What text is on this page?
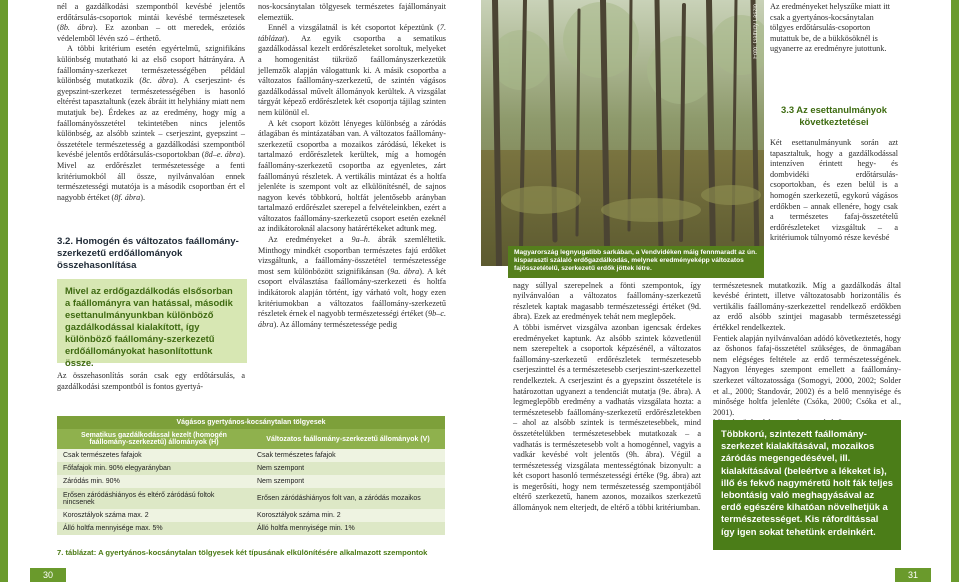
30

nél a gazdálkodási szempontból kevésbé jelentős erdőtársulás-csoportok mintái kevésbé természetesek (8b. ábra). Ez azonban – ott meredek, eróziós védelemből lévén szó – érthető.

A többi kritérium esetén egyértelmű, szignifikáns különbség mutatható ki az első csoport hátrányára. A faállomány-szerkezet természetességében például különbség mutatkozik (8c. ábra). A cserjeszint- és gyepszint-szerkezet természetességében is hasonló eltérést tapasztaltunk (ezek ábráit itt helyhiány miatt nem mutatjuk be). Érdekes az az eredmény, hogy míg a faállományösszetétel tekintetében nincs jelentős különbség, az alsóbb szintek – cserjeszint, gyepszint – összetétele természetesség a gazdálkodási szempontból kevésbé jelentős erdőtársulás-csoportokban (8d–e. ábra). Mivel az erdőrészlet természetessége a fenti kritériumokból áll össze, nyilvánvalóan ennek természetességi mutatója is a második csoportban ért el nagyobb értéket (8f. ábra).

3.2. Homogén és változatos faállomány-szerkezetű erdőállományok összehasonlítása
Mivel az erdőgazdálkodás elsősorban a faállományra van hatással, második esettanulmányunkban különböző gazdálkodással kialakított, így különböző faállomány-szerkezetű erdőállományokat hasonlítottunk össze.

Az összehasonlítás során csak egy erdőtársulás, a gazdálkodási szempontból is fontos gyertyá-

nos-kocsánytalan tölgyesek természetes fajállományait elemeztük.

Ennél a vizsgálatnál is két csoportot képeztünk (7. táblázat). Az egyik csoportba a sematikus gazdálkodással kezelt erdőrészleteket soroltuk, melyeket a homogenitást tükröző faállományszerkezetük jellemzők alapján válogattunk ki. A másik csoportba a változatos faállomány-szerkezetű, de szintén vágásos gazdálkodással művelt állományok kerültek. A vizsgálat tárgyát képező erdőrészletek két csoportja tájilag szinten nem különül el.

A két csoport között lényeges különbség a záródás átlagában és mintázatában van. A változatos faállomány-szerkezetű csoportba a mozaikos záródású, lékeket is tartalmazó erdőrészletek kerültek, míg a homogén faállomány-szerkezetű csoportba az egyenletes, zárt faállományú részletek. A vertikális mintázat és a holtfa jelenléte is szempont volt az elkülönítésnél, de sajnos nagyon kevés többkorú, holtfát jelentősebb arányban tartalmazó erdőrészlet szerepel a felvételeinkben, ezért a változatos faállomány-szerkezetű csoport esetén ezeknél az indikátoroknál alacsony határértékeket adtunk meg.

Az eredményeket a 9a–h. ábrák szemléltetik. Minthogy mindkét csoportban természetes fajú erdőket vizsgáltunk, a faállomány-összetétel természetessége most sem különbözött szignifikánsan (9a. ábra). A két csoport elválasztása faállomány-szerkezeti és holtfa indikátorok alapján történt, így várható volt, hogy ezen kritériumokban a változatos faállomány-szerkezetű részletek érnek el nagyobb természetességi értéket (9b–c. ábra). Az állomány természetessége pedig

Vágásos gyertyános-kocsánytalan tölgyesek	
Sematikus gazdálkodással kezelt (homogén faállomány-szerkezetű) állományok (H)	Változatos faállomány-szerkezetű állományok (V)
Csak természetes fafajok	Csak természetes fafajok
Főfafajok min. 90% elegyarányban	Nem szempont
Záródás min. 90%	Nem szempont
Erősen záródáshiányos és eltérő záródású foltok nincsenek	Erősen záródáshiányos folt van, a záródás mozaikos
Korosztályok száma max. 2	Korosztályok száma min. 2
Álló holtfa mennyisége max. 5%	Álló holtfa mennyisége min. 1%
7. táblázat: A gyertyános-kocsánytalan tölgyesek két típusának elkülönítésére alkalmazott szempontok
31
Fotó: Gálhidy László
Magyarország legnyugatibb sarkában, a Vendvidéken máig fennmaradt az ún. kisparaszti szálaló erdőgazdálkodás, melynek eredményeképp változatos fajösszetételű, szerkezetű erdők jöttek létre.

Az eredményeket helyszűke miatt itt csak a gyertyános-kocsánytalan tölgyes erdőtársulás-csoporton mutattuk be, de a bükkösöknél is ugyanerre az eredményre jutottunk.

3.3 Az esettanulmányok következtetései

Két esettanulmányunk során azt tapasztaltuk, hogy a gazdálkodással intenzíven érintett hegy- és dombvidéki erdőtársulás-csoportokban, és ezen belül is a homogén szerkezetű, egykorú vágásos erdőkben – annak ellenére, hogy csak a természetes fafaj-összetételű erdőrészleteket vizsgáltuk – a kritériumok túlnyomó része kevésbé

nagy súllyal szerepelnek a fönti szempontok, így nyilvánvalóan a változatos faállomány-szerkezetű részletek kaptak magasabb természetességi értéket (9d. ábra). Ezek az eredmények tehát nem meglepőek.
A többi ismérvet vizsgálva azonban igencsak érdekes eredményeket kaptunk. Az alsóbb szintek közvetlenül nem szerepeltek a csoportok képzésénél, a változatos faállomány-szerkezetű erdőrészletek természetesebb cserjeszinttel és a természetesebb cserjeszint-szerkezettel rendelkeztek. A cserjeszint és a gyepszint összetétele is határozottan ugyanezt a tendenciát mutatja (9e. ábra). A legmeglepőbb eredmény a vadhatás vizsgálata hozta: a természetesebb faállomány-szerkezetű erdőrészletekben – ahol az alsóbb szintek is természetesebbek, mind összetételükben természetesebbek mutatkozak – a vadhatás is természetesebb volt a homogénnel, vagyis a vadkár kevésbé volt jelentős (9h. ábra). Végül a természetesség vizsgálata mentességtónak bizonyult: a két csoport hasonló természetességi értéke (9g. ábra) azt is megerősíti, hogy nem természetesség szempontjából eltérő szerkezetű, hanem azonos, mozaikos szerkezetű állományok nem elterjedt, de eltérő a többi kritériumban.

természetesnek mutatkozik. Míg a gazdálkodás által kevésbé érintett, illetve változatosabb horizontális és vertikális faállomány-szerkezettel rendelkező erdőkben az erdő alsóbb szintjei magasabb természetességi értékkel rendelkeztek.
Fentiek alapján nyilvánvalóan adódó következtetés, hogy az őshonos fafaj-összetétel szükséges, de önmagában nem elégséges feltétele az erdő természetességének. Nagyon lényeges szempont emellett a faállomány-szerkezet változatossága (Somogyi, 2000, 2002; Solder et al., 2000; Standovár, 2002) és a belő mennyisége és minősége holtfa jelenléte (Csóka, 2000; Csóka et al., 2001).

Többkorú, szintezett faállomány-szerkezet kialakításával, mozaikos záródás megengedésével, ill. kialakításával (beleértve a lékeket is), illő és fekvő nagyméretű holt fák teljes lebontásig való meghagyásával az erdő egészére kihatóan növelhetjük a természetességet. Kis ráfordítással így igen sokat tehetünk erdeinkért.
